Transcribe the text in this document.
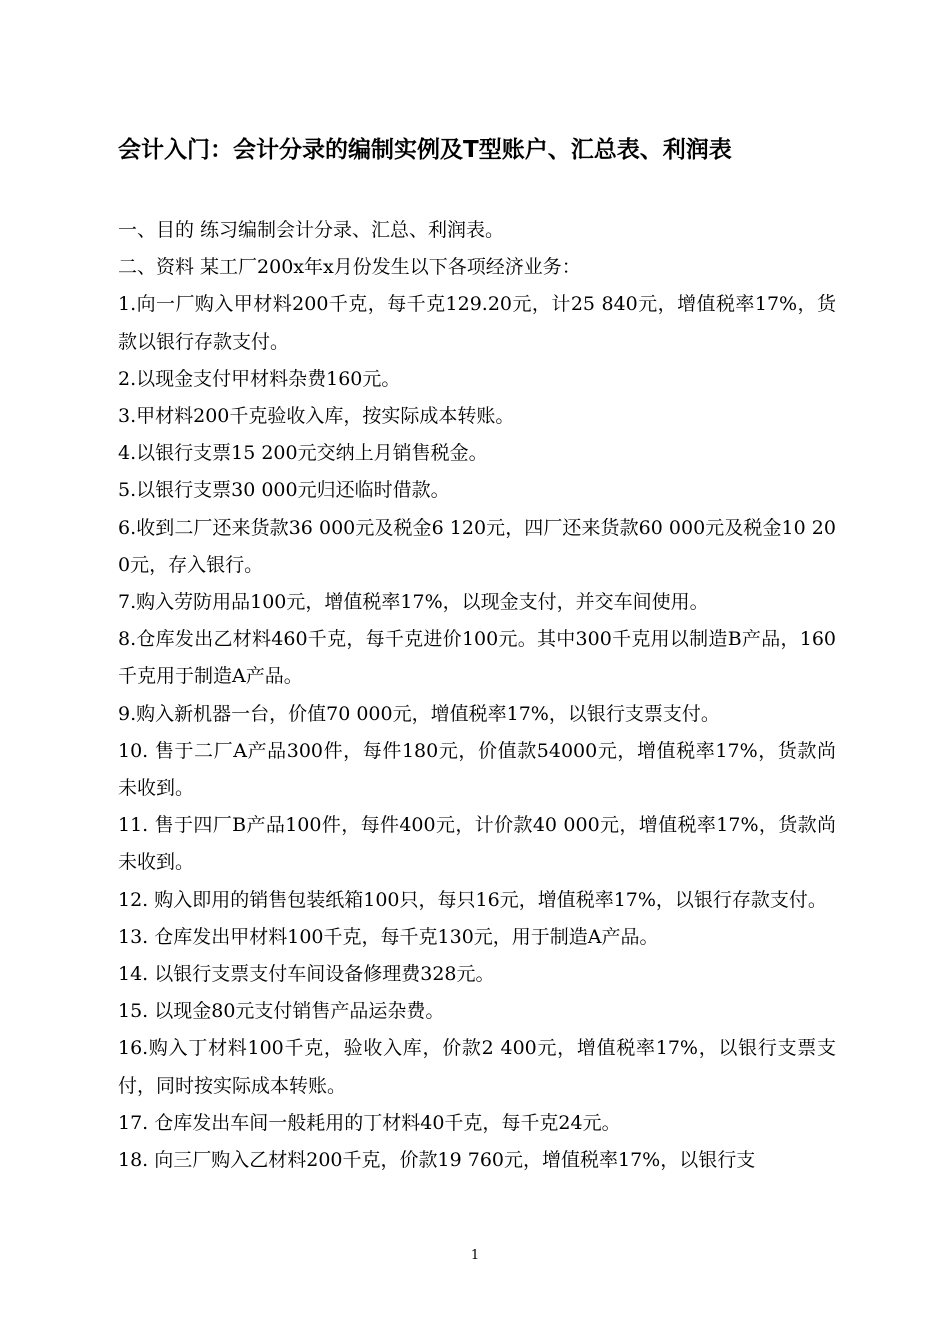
会计入门：会计分录的编制实例及T型账户、汇总表、利润表

一、目的 练习编制会计分录、汇总、利润表。

二、资料 某工厂200x年x月份发生以下各项经济业务：

1.向一厂购入甲材料200千克，每千克129.20元，计25 840元，增值税率17%，货款以银行存款支付。

2.以现金支付甲材料杂费160元。

3.甲材料200千克验收入库，按实际成本转账。

4.以银行支票15 200元交纳上月销售税金。

5.以银行支票30 000元归还临时借款。

6.收到二厂还来货款36 000元及税金6 120元，四厂还来货款60 000元及税金10 200元，存入银行。

7.购入劳防用品100元，增值税率17%，以现金支付，并交车间使用。

8.仓库发出乙材料460千克，每千克进价100元。其中300千克用以制造B产品，160千克用于制造A产品。

9.购入新机器一台，价值70 000元，增值税率17%，以银行支票支付。

10. 售于二厂A产品300件，每件180元，价值款54000元，增值税率17%，货款尚未收到。

11. 售于四厂B产品100件，每件400元，计价款40 000元，增值税率17%，货款尚未收到。

12. 购入即用的销售包装纸箱100只，每只16元，增值税率17%，以银行存款支付。

13. 仓库发出甲材料100千克，每千克130元，用于制造A产品。

14. 以银行支票支付车间设备修理费328元。

15. 以现金80元支付销售产品运杂费。

16.购入丁材料100千克，验收入库，价款2 400元，增值税率17%，以银行支票支付，同时按实际成本转账。

17. 仓库发出车间一般耗用的丁材料40千克，每千克24元。

18. 向三厂购入乙材料200千克，价款19 760元，增值税率17%，以银行支

1
